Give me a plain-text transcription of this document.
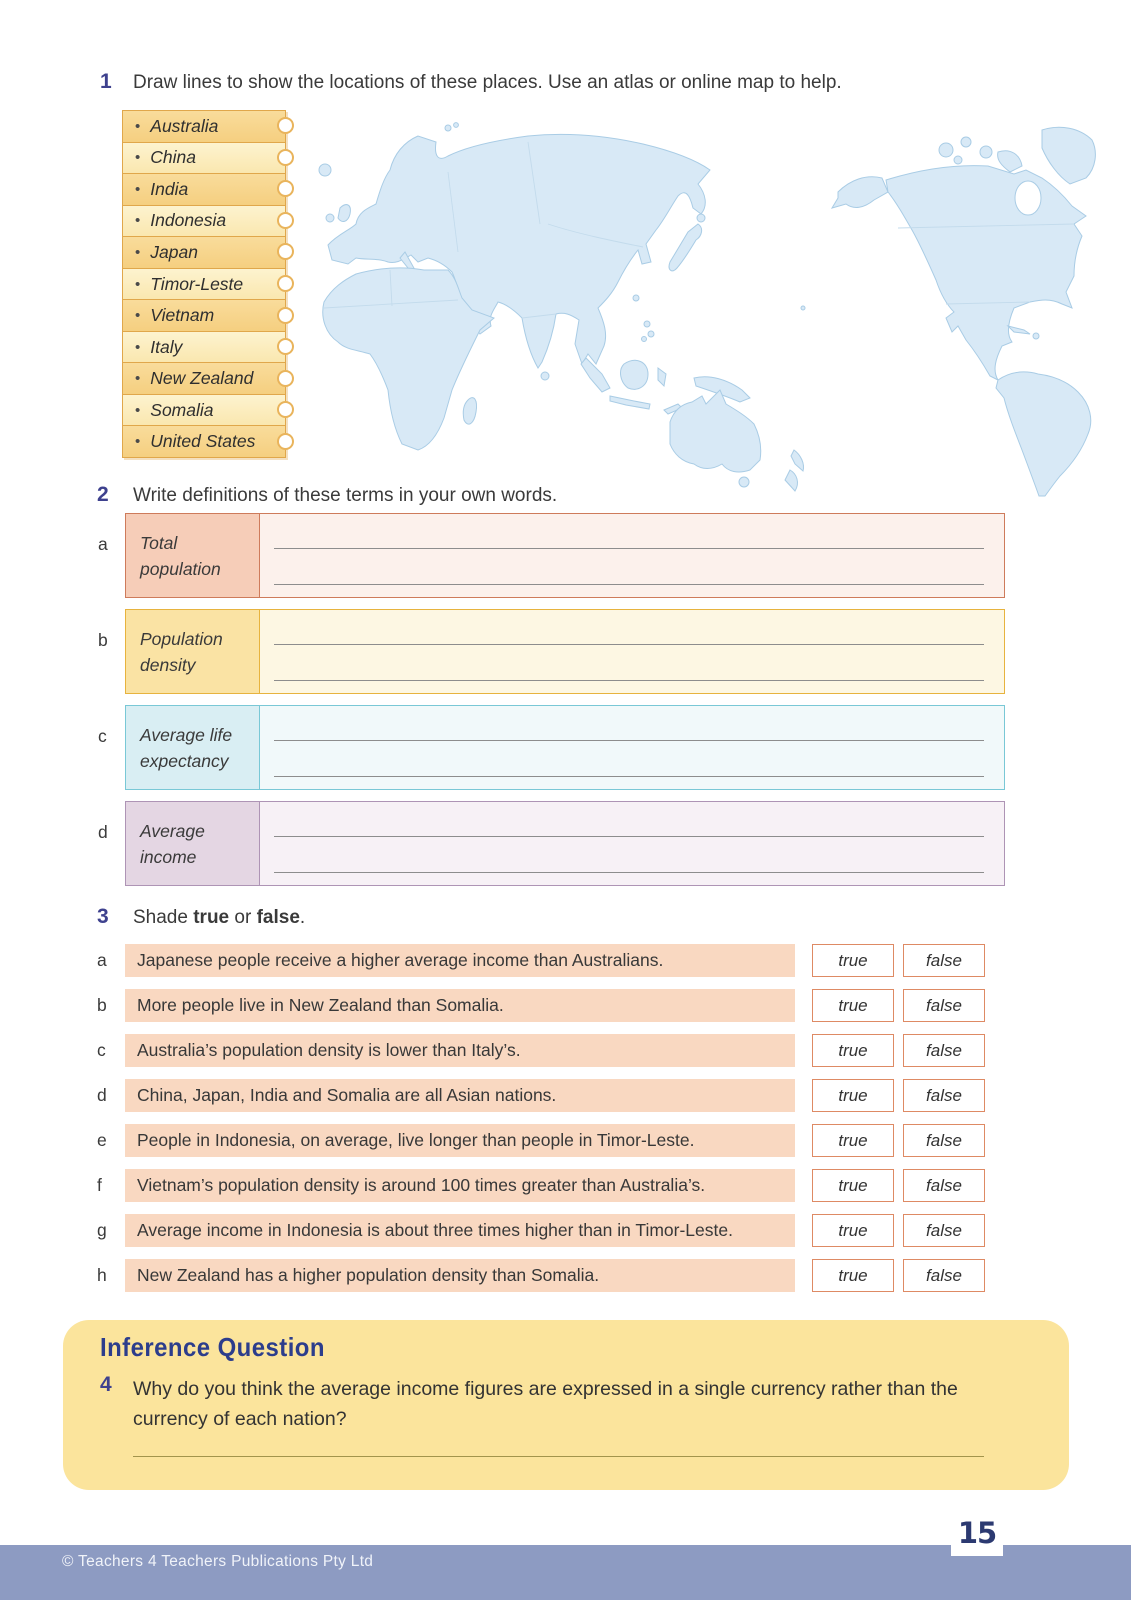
1 Draw lines to show the locations of these places. Use an atlas or online map to help.
• Australia
• China
• India
• Indonesia
• Japan
• Timor-Leste
• Vietnam
• Italy
• New Zealand
• Somalia
• United States
2 Write definitions of these terms in your own words.
a	Total population
b	Population density
c	Average life expectancy
d	Average income
3 Shade true or false.
a	Japanese people receive a higher average income than Australians.	true	false
b	More people live in New Zealand than Somalia.	true	false
c	Australia’s population density is lower than Italy’s.	true	false
d	China, Japan, India and Somalia are all Asian nations.	true	false
e	People in Indonesia, on average, live longer than people in Timor-Leste.	true	false
f	Vietnam’s population density is around 100 times greater than Australia’s.	true	false
g	Average income in Indonesia is about three times higher than in Timor-Leste.	true	false
h	New Zealand has a higher population density than Somalia.	true	false
Inference Question
4 Why do you think the average income figures are expressed in a single currency rather than the currency of each nation?
© Teachers 4 Teachers Publications Pty Ltd
15
